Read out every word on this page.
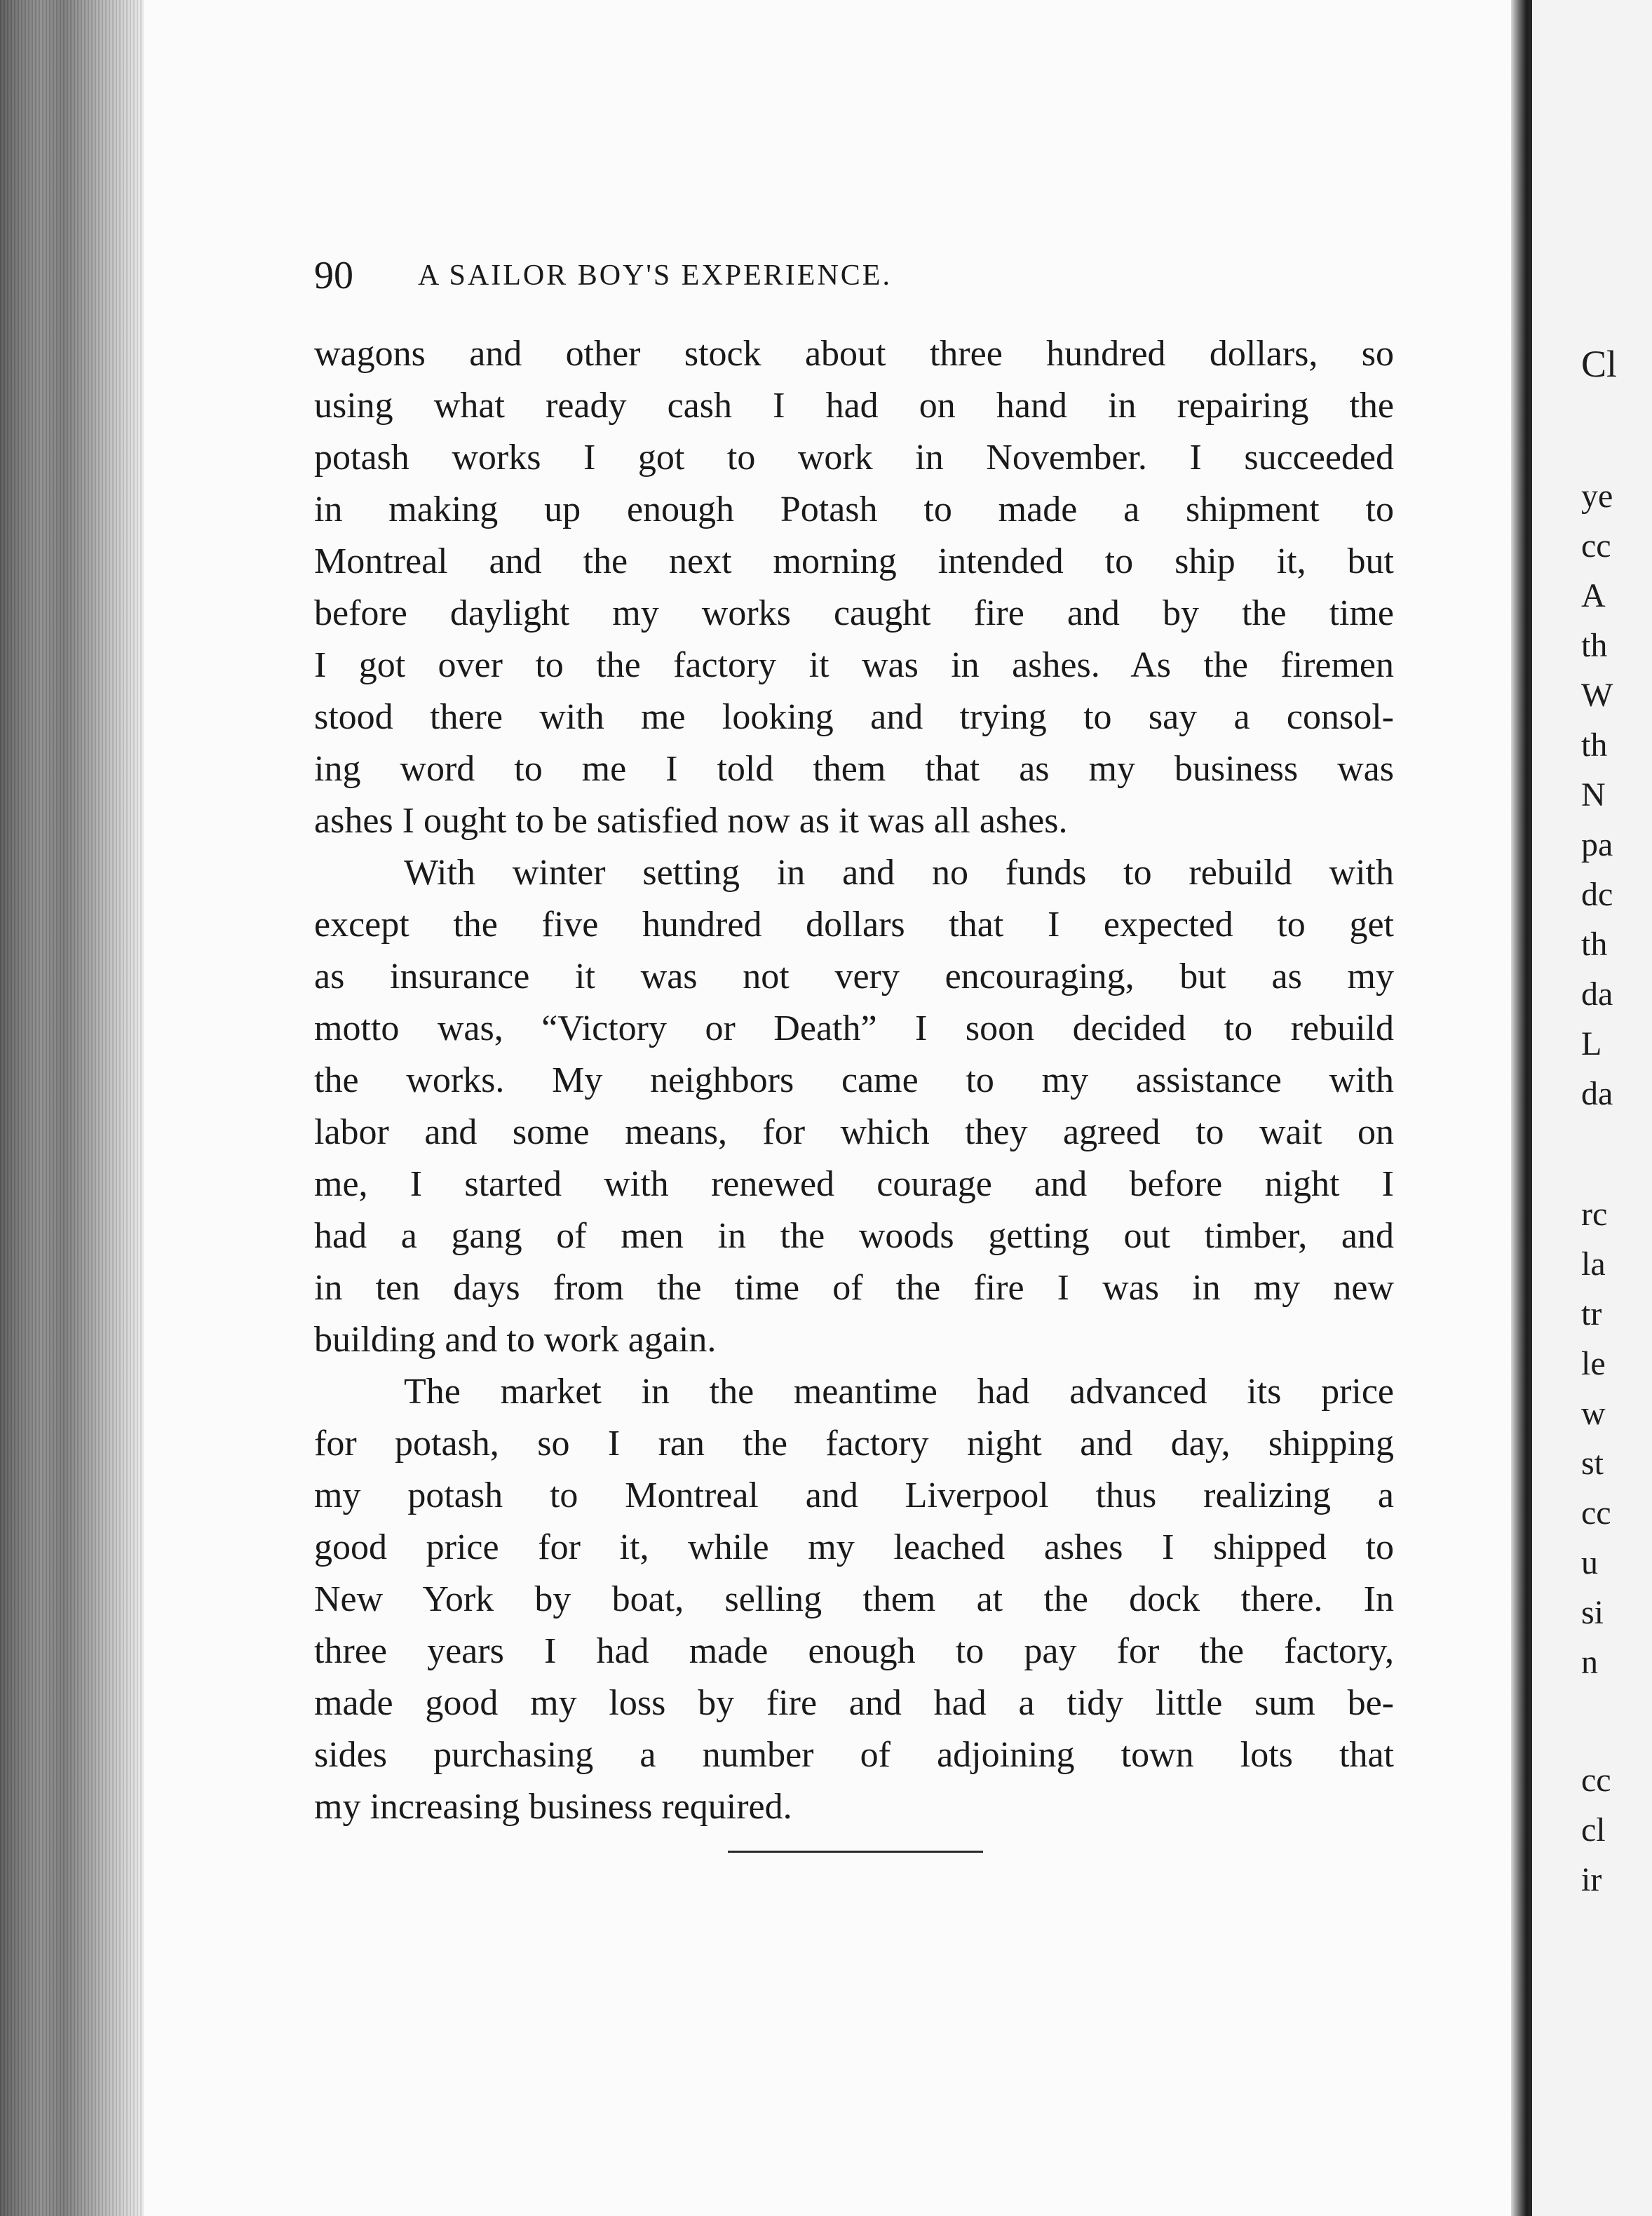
90 A SAILOR BOY'S EXPERIENCE.
wagons and other stock about three hundred dollars, so
using what ready cash I had on hand in repairing the
potash works I got to work in November. I succeeded
in making up enough Potash to made a shipment to
Montreal and the next morning intended to ship it, but
before daylight my works caught fire and by the time
I got over to the factory it was in ashes. As the firemen
stood there with me looking and trying to say a consol-
ing word to me I told them that as my business was
ashes I ought to be satisfied now as it was all ashes.
With winter setting in and no funds to rebuild with
except the five hundred dollars that I expected to get
as insurance it was not very encouraging, but as my
motto was, “Victory or Death” I soon decided to rebuild
the works. My neighbors came to my assistance with
labor and some means, for which they agreed to wait on
me, I started with renewed courage and before night I
had a gang of men in the woods getting out timber, and
in ten days from the time of the fire I was in my new
building and to work again.
The market in the meantime had advanced its price
for potash, so I ran the factory night and day, shipping
my potash to Montreal and Liverpool thus realizing a
good price for it, while my leached ashes I shipped to
New York by boat, selling them at the dock there. In
three years I had made enough to pay for the factory,
made good my loss by fire and had a tidy little sum be-
sides purchasing a number of adjoining town lots that
my increasing business required.
Cl
ye
cc
A
th
W
th
N
pa
dc
th
da
L
da
rc
la
tr
le
w
st
cc
u
si
n
cc
cl
ir
